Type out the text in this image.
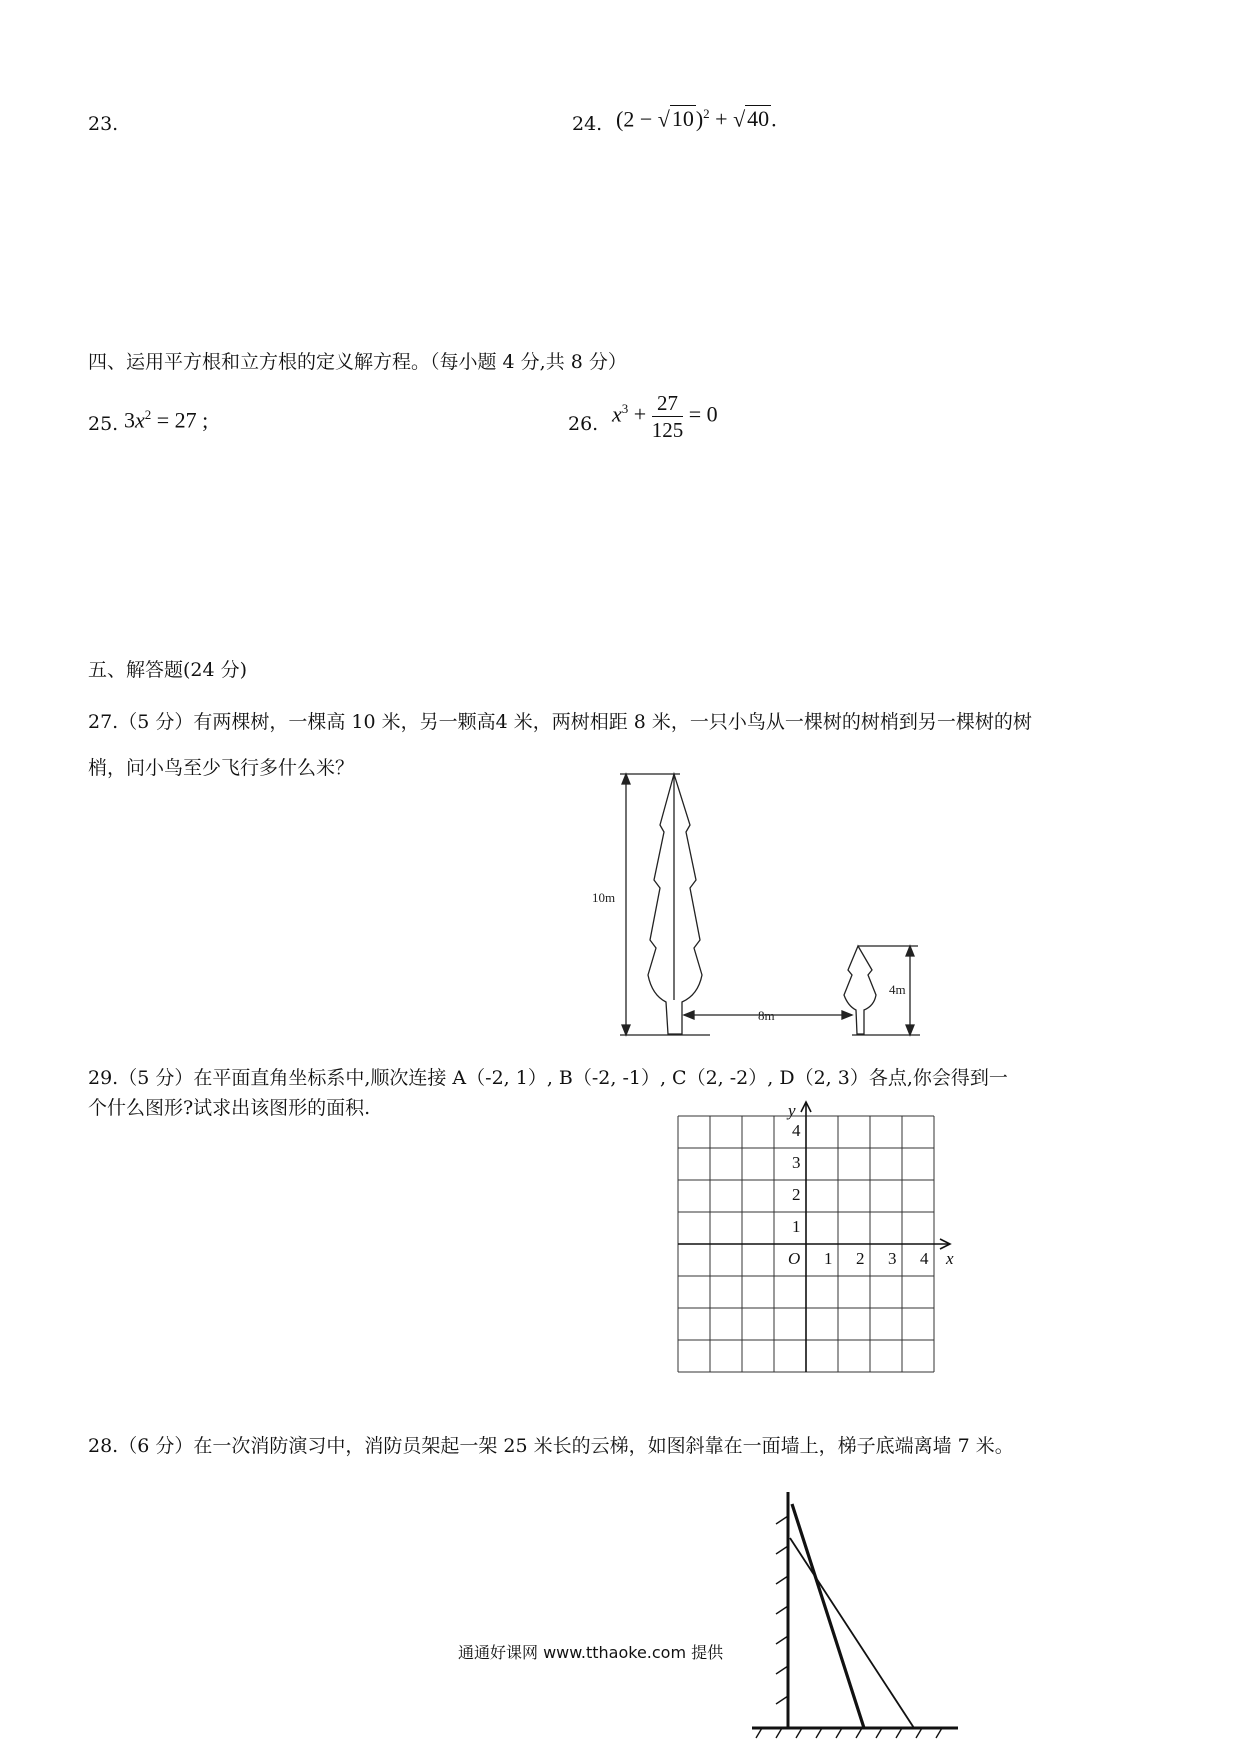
23.	24. $(2 - √10)^2 + √40$.
四、运用平方根和立方根的定义解方程。（每小题 4 分,共 8 分）
25. $3x^2 = 27$ ;	26. $x^3 + \frac{27}{125} = 0$
五、解答题(24 分)
27.（5 分）有两棵树，一棵高 10 米，另一颗高4 米，两树相距 8 米，一只小鸟从一棵树的树梢到另一棵树的树
梢，问小鸟至少飞行多什么米？
10m
8m
4m
29.（5 分）在平面直角坐标系中,顺次连接 A（-2, 1）, B（-2, -1）, C（2, -2）, D（2, 3）各点,你会得到一
个什么图形?试求出该图形的面积.	y
x
O
1
2
3
4
1 2 3 4
28.（6 分）在一次消防演习中，消防员架起一架 25 米长的云梯，如图斜靠在一面墙上，梯子底端离墙 7 米。
通通好课网 www.tthaoke.com 提供
